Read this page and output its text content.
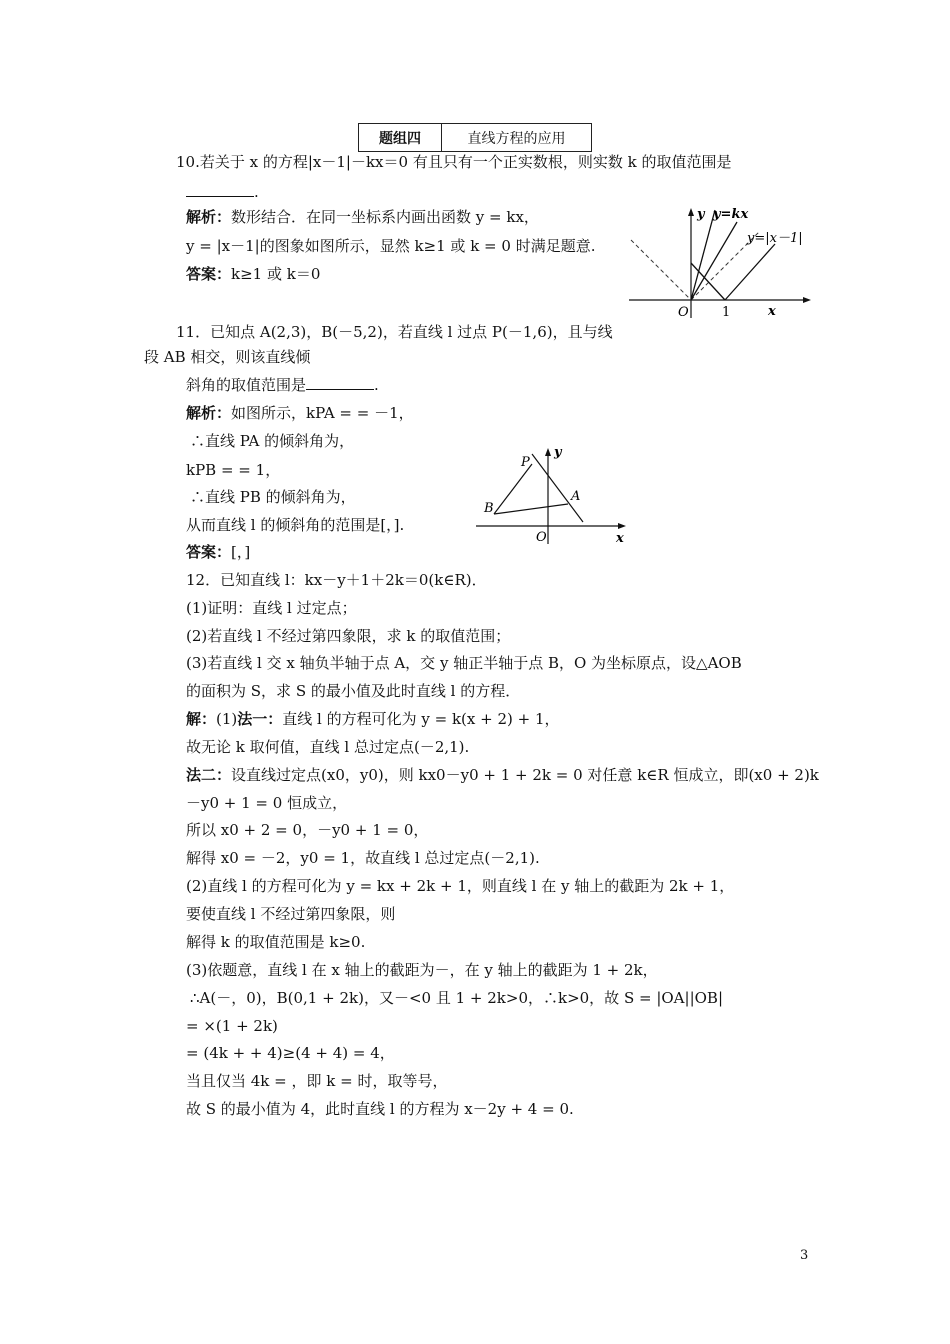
题组四	直线方程的应用
10.若关于 x 的方程|x－1|－kx＝0 有且只有一个正实数根，则实数 k 的取值范围是
.
解析：数形结合．在同一坐标系内画出函数 y = kx，
y = |x－1|的图象如图所示，显然 k≥1 或 k = 0 时满足题意.
答案：k≥1 或 k＝0
y y=kx
y=|x－1|
O	1	x
11．已知点 A(2,3)，B(－5,2)，若直线 l 过点 P(－1,6)，且与线
段 AB 相交，则该直线倾
斜角的取值范围是	.
解析：如图所示，kPA = = －1，
∴直线 PA 的倾斜角为，
kPB = = 1，
∴直线 PB 的倾斜角为，
从而直线 l 的倾斜角的范围是[，].
答案：[，]
P
A
B
O
y
x
12．已知直线 l：kx－y＋1＋2k＝0(k∈R)．
(1)证明：直线 l 过定点；
(2)若直线 l 不经过第四象限，求 k 的取值范围；
(3)若直线 l 交 x 轴负半轴于点 A，交 y 轴正半轴于点 B，O 为坐标原点，设△AOB
的面积为 S，求 S 的最小值及此时直线 l 的方程．
解：(1)法一：直线 l 的方程可化为 y = k(x + 2) + 1，
故无论 k 取何值，直线 l 总过定点(－2,1).
法二：设直线过定点(x0，y0)，则 kx0－y0 + 1 + 2k = 0 对任意 k∈R 恒成立，即(x0 + 2)k
－y0 + 1 = 0 恒成立，
所以 x0 + 2 = 0，－y0 + 1 = 0，
解得 x0 = －2，y0 = 1，故直线 l 总过定点(－2,1).
(2)直线 l 的方程可化为 y = kx + 2k + 1，则直线 l 在 y 轴上的截距为 2k + 1，
要使直线 l 不经过第四象限，则
解得 k 的取值范围是 k≥0.
(3)依题意，直线 l 在 x 轴上的截距为－，在 y 轴上的截距为 1 + 2k，
∴A(－，0)，B(0,1 + 2k)，又－<0 且 1 + 2k>0，∴k>0，故 S = |OA||OB|
= ×(1 + 2k)
= (4k + + 4)≥(4 + 4) = 4，
当且仅当 4k = ，即 k = 时，取等号，
故 S 的最小值为 4，此时直线 l 的方程为 x－2y + 4 = 0.
3
